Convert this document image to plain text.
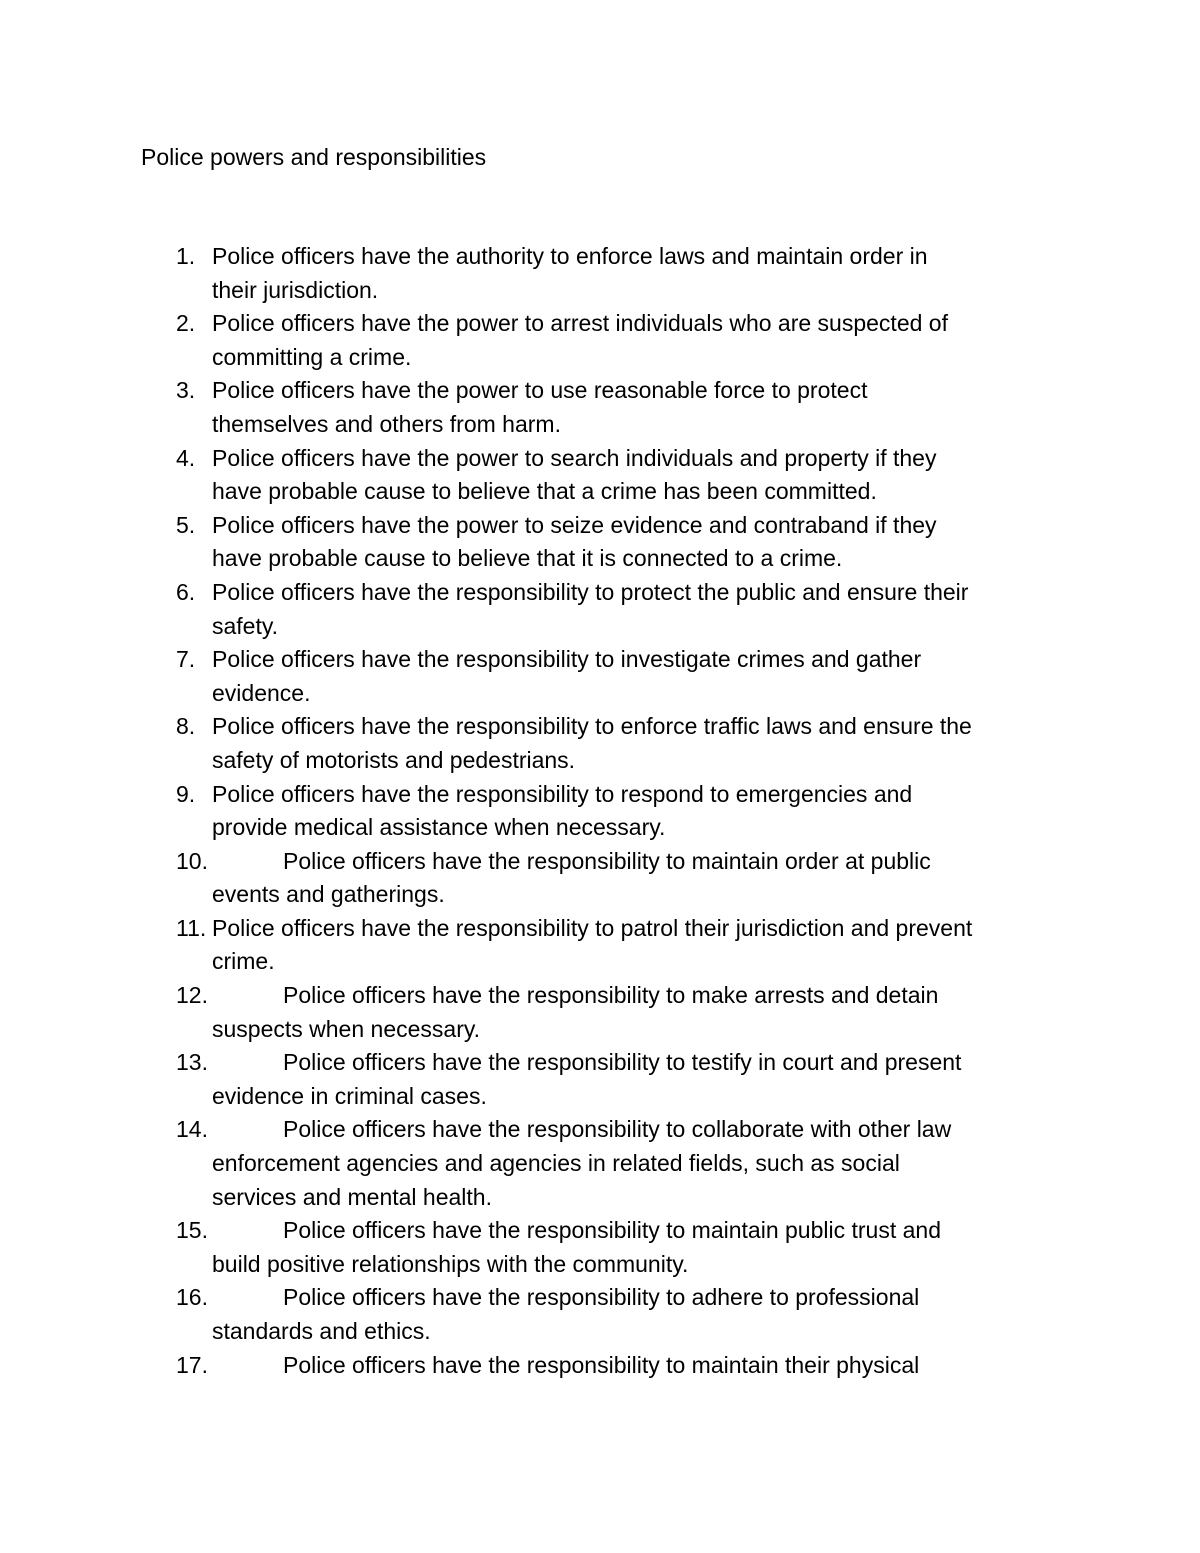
Police powers and responsibilities
1. Police officers have the authority to enforce laws and maintain order in
their jurisdiction.
2. Police officers have the power to arrest individuals who are suspected of
committing a crime.
3. Police officers have the power to use reasonable force to protect
themselves and others from harm.
4. Police officers have the power to search individuals and property if they
have probable cause to believe that a crime has been committed.
5. Police officers have the power to seize evidence and contraband if they
have probable cause to believe that it is connected to a crime.
6. Police officers have the responsibility to protect the public and ensure their
safety.
7. Police officers have the responsibility to investigate crimes and gather
evidence.
8. Police officers have the responsibility to enforce traffic laws and ensure the
safety of motorists and pedestrians.
9. Police officers have the responsibility to respond to emergencies and
provide medical assistance when necessary.
10.	Police officers have the responsibility to maintain order at public
events and gatherings.
11. Police officers have the responsibility to patrol their jurisdiction and prevent
crime.
12.	Police officers have the responsibility to make arrests and detain
suspects when necessary.
13.	Police officers have the responsibility to testify in court and present
evidence in criminal cases.
14.	Police officers have the responsibility to collaborate with other law
enforcement agencies and agencies in related fields, such as social
services and mental health.
15.	Police officers have the responsibility to maintain public trust and
build positive relationships with the community.
16.	Police officers have the responsibility to adhere to professional
standards and ethics.
17.	Police officers have the responsibility to maintain their physical
